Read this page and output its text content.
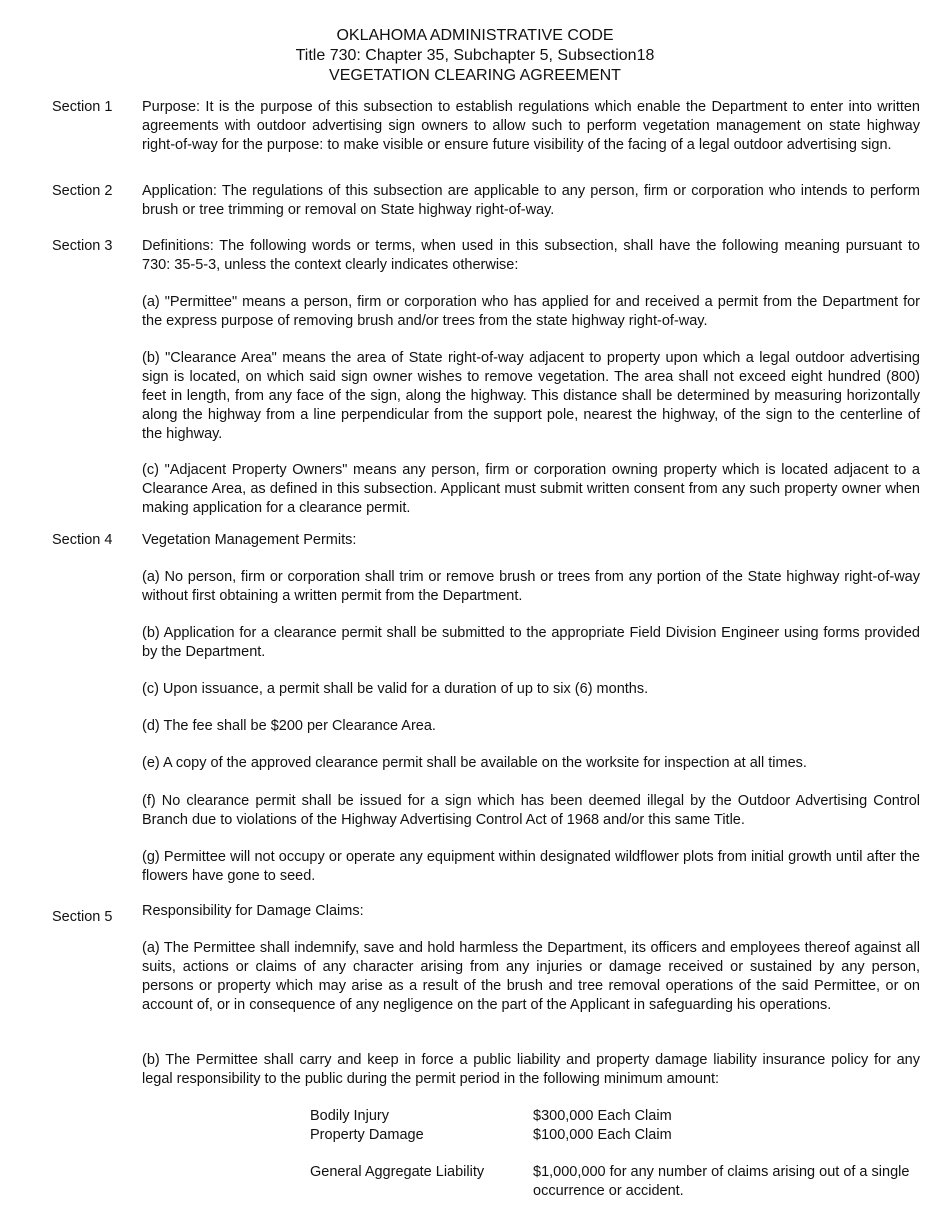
OKLAHOMA ADMINISTRATIVE CODE
Title 730: Chapter 35, Subchapter 5, Subsection18
VEGETATION CLEARING AGREEMENT
Section 1 Purpose: It is the purpose of this subsection to establish regulations which enable the Department to enter into written agreements with outdoor advertising sign owners to allow such to perform vegetation management on state highway right-of-way for the purpose: to make visible or ensure future visibility of the facing of a legal outdoor advertising sign.
Section 2 Application: The regulations of this subsection are applicable to any person, firm or corporation who intends to perform brush or tree trimming or removal on State highway right-of-way.
Section 3 Definitions: The following words or terms, when used in this subsection, shall have the following meaning pursuant to 730: 35-5-3, unless the context clearly indicates otherwise:
(a) "Permittee" means a person, firm or corporation who has applied for and received a permit from the Department for the express purpose of removing brush and/or trees from the state highway right-of-way.
(b) "Clearance Area" means the area of State right-of-way adjacent to property upon which a legal outdoor advertising sign is located, on which said sign owner wishes to remove vegetation. The area shall not exceed eight hundred (800) feet in length, from any face of the sign, along the highway. This distance shall be determined by measuring horizontally along the highway from a line perpendicular from the support pole, nearest the highway, of the sign to the centerline of the highway.
(c) "Adjacent Property Owners" means any person, firm or corporation owning property which is located adjacent to a Clearance Area, as defined in this subsection. Applicant must submit written consent from any such property owner when making application for a clearance permit.
Section 4 Vegetation Management Permits:
(a) No person, firm or corporation shall trim or remove brush or trees from any portion of the State highway right-of-way without first obtaining a written permit from the Department.
(b) Application for a clearance permit shall be submitted to the appropriate Field Division Engineer using forms provided by the Department.
(c) Upon issuance, a permit shall be valid for a duration of up to six (6) months.
(d) The fee shall be $200 per Clearance Area.
(e) A copy of the approved clearance permit shall be available on the worksite for inspection at all times.
(f) No clearance permit shall be issued for a sign which has been deemed illegal by the Outdoor Advertising Control Branch due to violations of the Highway Advertising Control Act of 1968 and/or this same Title.
(g) Permittee will not occupy or operate any equipment within designated wildflower plots from initial growth until after the flowers have gone to seed.
Section 5 Responsibility for Damage Claims:
(a) The Permittee shall indemnify, save and hold harmless the Department, its officers and employees thereof against all suits, actions or claims of any character arising from any injuries or damage received or sustained by any person, persons or property which may arise as a result of the brush and tree removal operations of the said Permittee, or on account of, or in consequence of any negligence on the part of the Applicant in safeguarding his operations.
(b) The Permittee shall carry and keep in force a public liability and property damage liability insurance policy for any legal responsibility to the public during the permit period in the following minimum amount:
Bodily Injury	$300,000 Each Claim
Property Damage	$100,000 Each Claim
General Aggregate Liability	$1,000,000 for any number of claims arising out of a single occurrence or accident.
